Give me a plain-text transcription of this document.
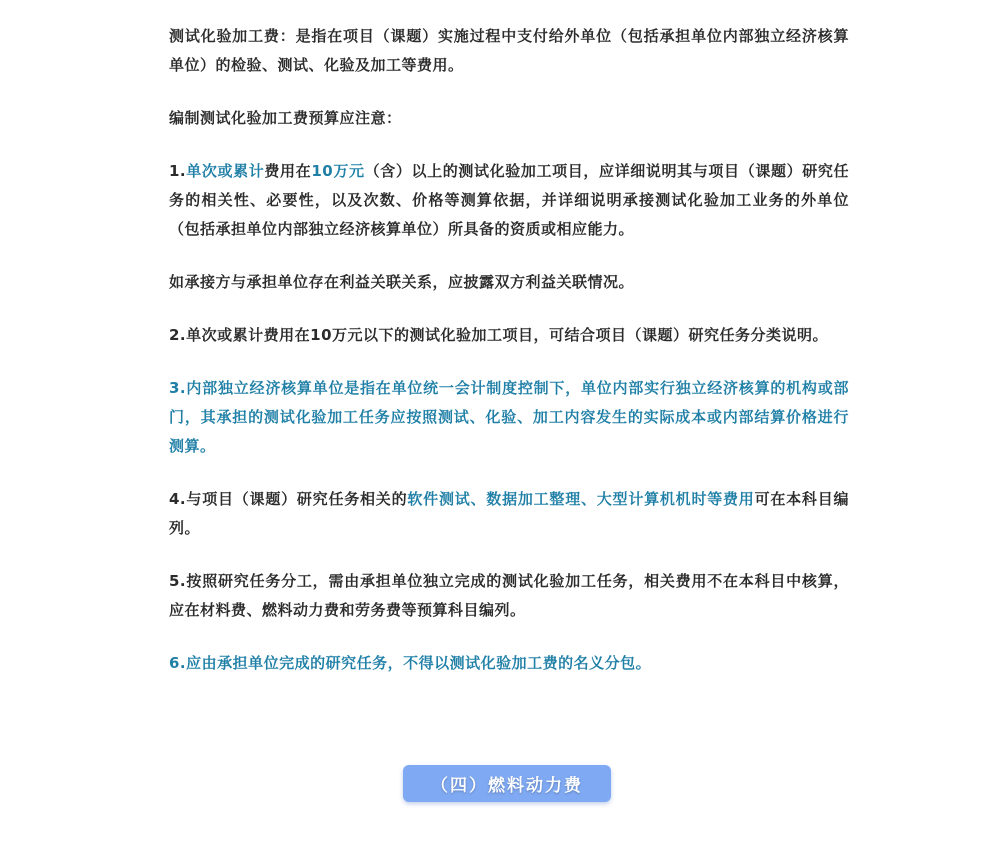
测试化验加工费：是指在项目（课题）实施过程中支付给外单位（包括承担单位内部独立经济核算单位）的检验、测试、化验及加工等费用。

编制测试化验加工费预算应注意：

1.单次或累计费用在10万元（含）以上的测试化验加工项目，应详细说明其与项目（课题）研究任务的相关性、必要性，以及次数、价格等测算依据，并详细说明承接测试化验加工业务的外单位（包括承担单位内部独立经济核算单位）所具备的资质或相应能力。

如承接方与承担单位存在利益关联关系，应披露双方利益关联情况。

2.单次或累计费用在10万元以下的测试化验加工项目，可结合项目（课题）研究任务分类说明。

3.内部独立经济核算单位是指在单位统一会计制度控制下，单位内部实行独立经济核算的机构或部门，其承担的测试化验加工任务应按照测试、化验、加工内容发生的实际成本或内部结算价格进行测算。

4.与项目（课题）研究任务相关的软件测试、数据加工整理、大型计算机机时等费用可在本科目编列。

5.按照研究任务分工，需由承担单位独立完成的测试化验加工任务，相关费用不在本科目中核算，应在材料费、燃料动力费和劳务费等预算科目编列。

6.应由承担单位完成的研究任务，不得以测试化验加工费的名义分包。

（四）燃料动力费
